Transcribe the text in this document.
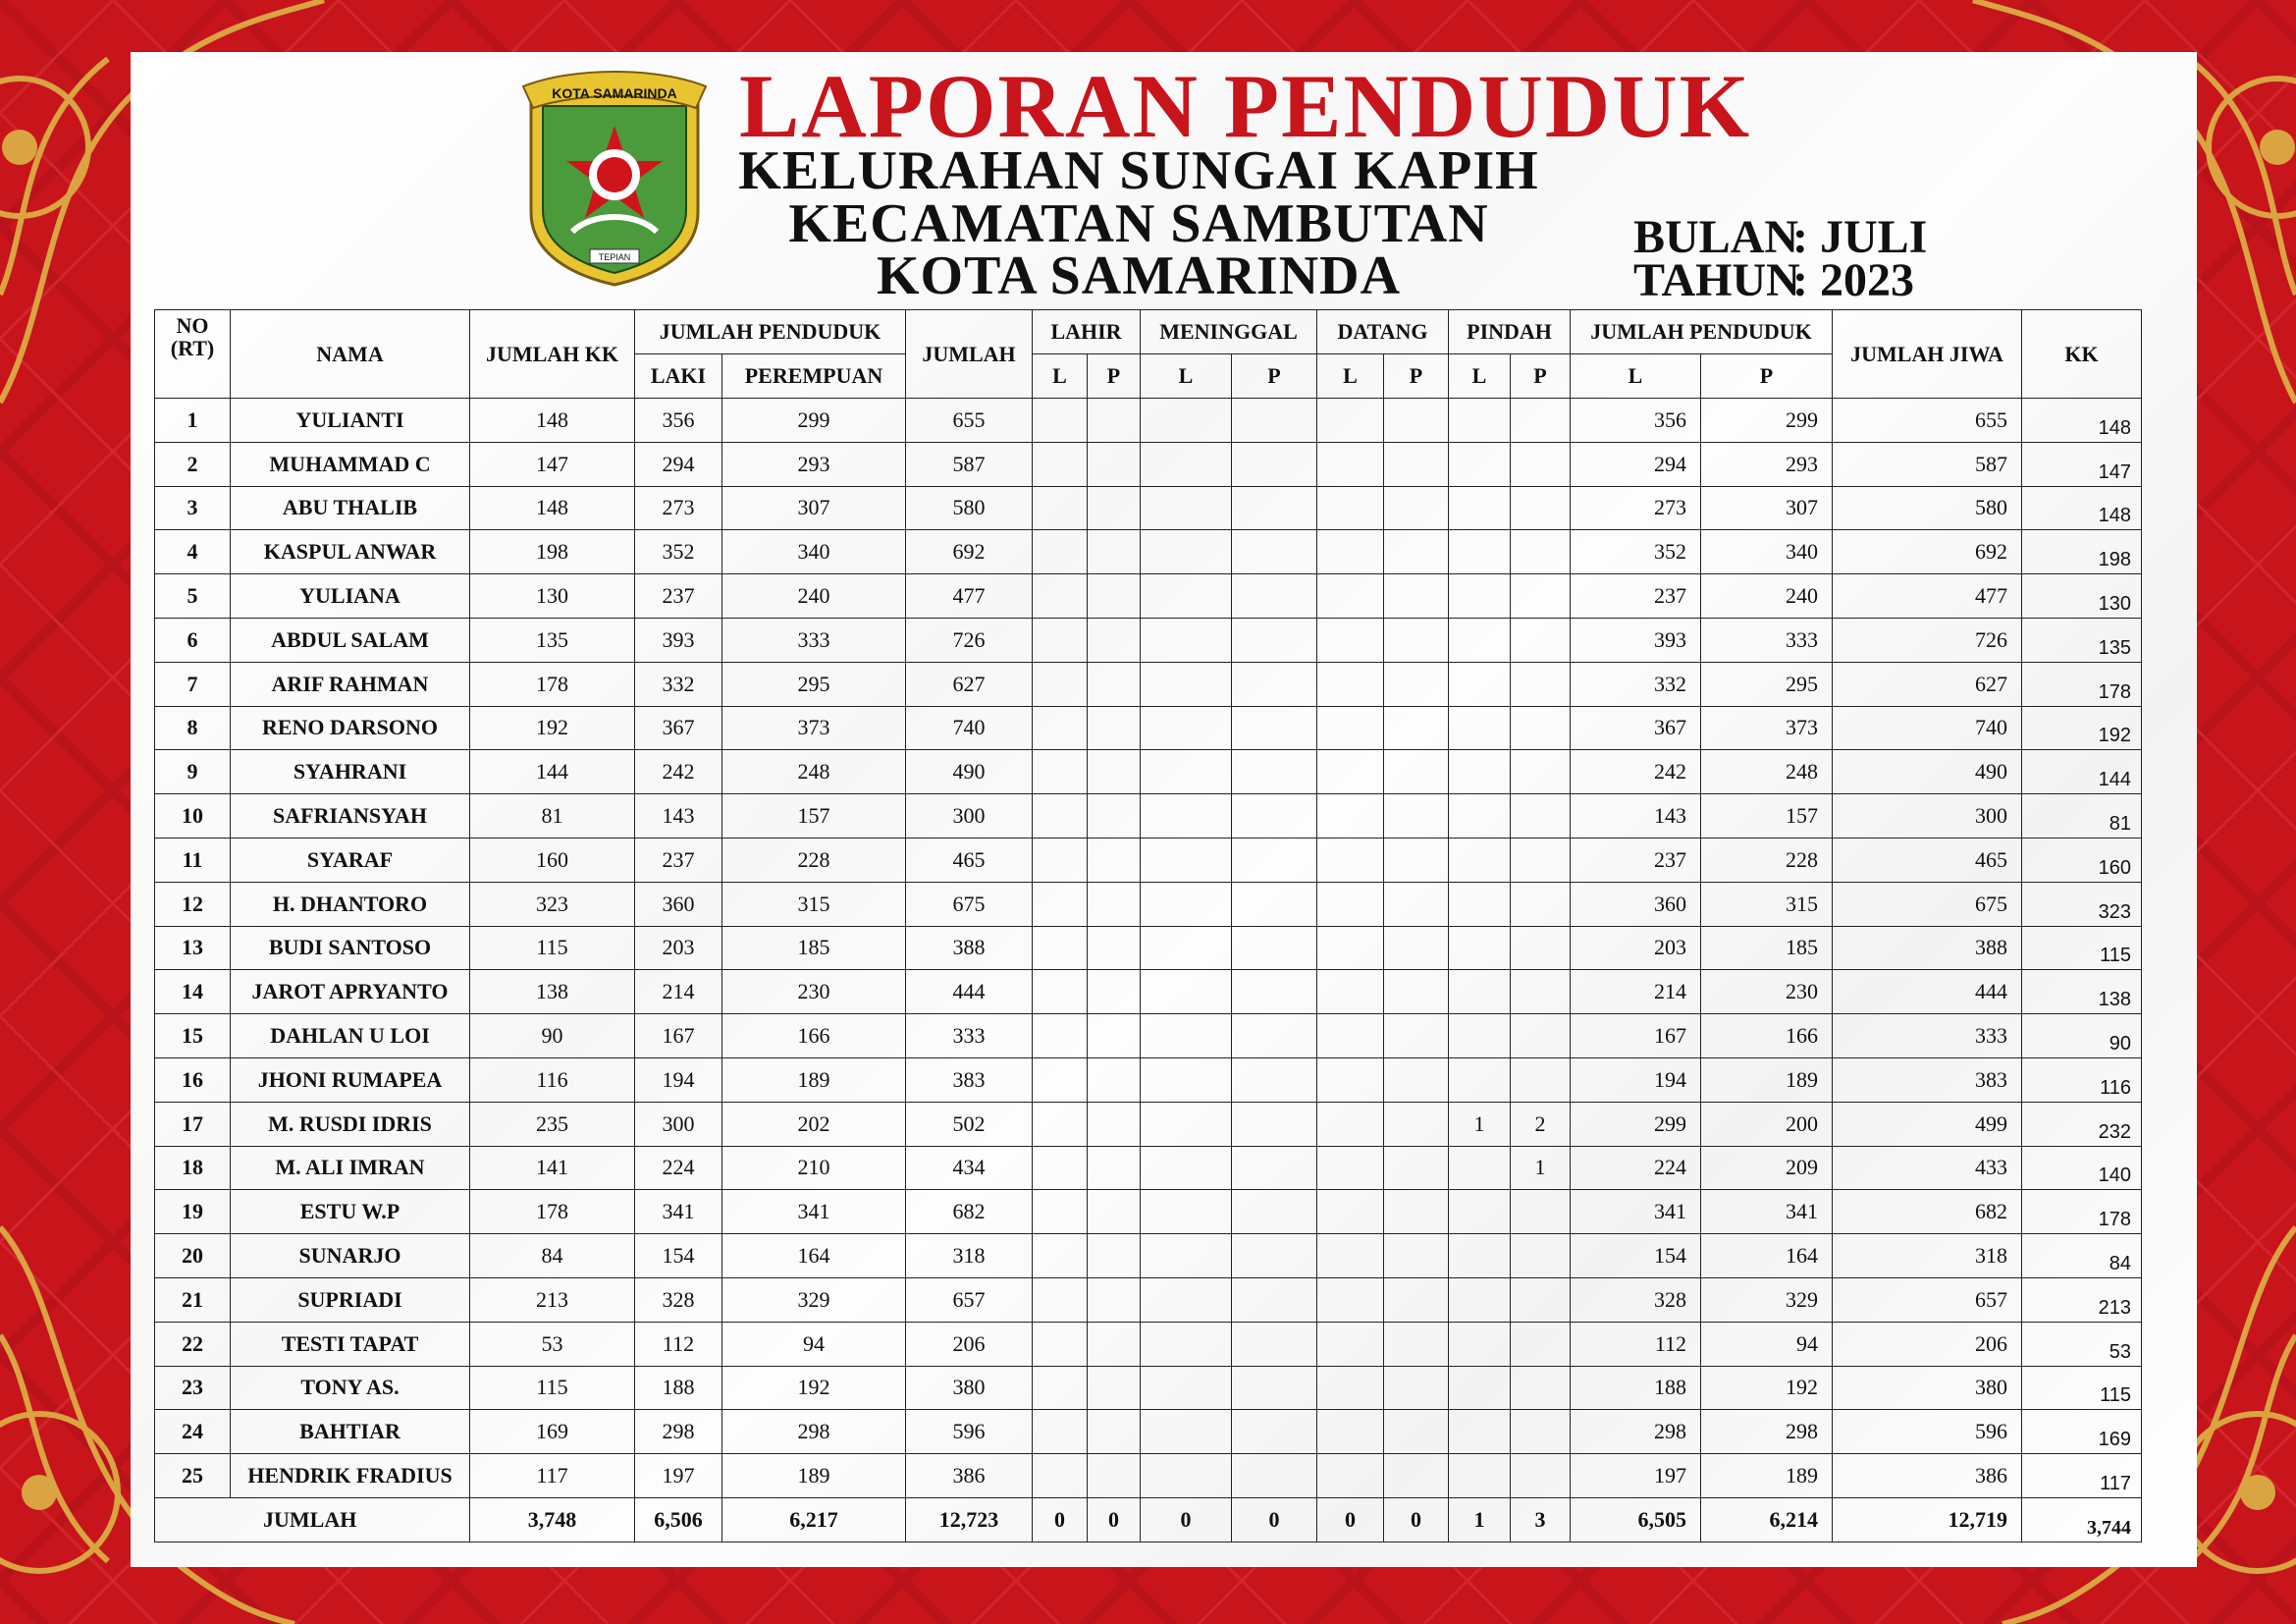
KOTA SAMARINDA
TEPIAN
LAPORAN PENDUDUK
KELURAHAN SUNGAI KAPIH
KECAMATAN SAMBUTAN
KOTA SAMARINDA
BULAN: JULI
TAHUN: 2023
NO (RT)	NAMA	JUMLAH KK	JUMLAH PENDUDUK		JUMLAH	LAHIR		MENINGGAL		DATANG		PINDAH		JUMLAH PENDUDUK		JUMLAH JIWA	KK
			LAKI	PEREMPUAN		L	P	L	P	L	P	L	P	L	P		
1	YULIANTI	148	356	299	655									356	299	655	148
2	MUHAMMAD C	147	294	293	587									294	293	587	147
3	ABU THALIB	148	273	307	580									273	307	580	148
4	KASPUL ANWAR	198	352	340	692									352	340	692	198
5	YULIANA	130	237	240	477									237	240	477	130
6	ABDUL SALAM	135	393	333	726									393	333	726	135
7	ARIF RAHMAN	178	332	295	627									332	295	627	178
8	RENO DARSONO	192	367	373	740									367	373	740	192
9	SYAHRANI	144	242	248	490									242	248	490	144
10	SAFRIANSYAH	81	143	157	300									143	157	300	81
11	SYARAF	160	237	228	465									237	228	465	160
12	H. DHANTORO	323	360	315	675									360	315	675	323
13	BUDI SANTOSO	115	203	185	388									203	185	388	115
14	JAROT APRYANTO	138	214	230	444									214	230	444	138
15	DAHLAN U LOI	90	167	166	333									167	166	333	90
16	JHONI RUMAPEA	116	194	189	383									194	189	383	116
17	M. RUSDI IDRIS	235	300	202	502							1	2	299	200	499	232
18	M. ALI IMRAN	141	224	210	434								1	224	209	433	140
19	ESTU W.P	178	341	341	682									341	341	682	178
20	SUNARJO	84	154	164	318									154	164	318	84
21	SUPRIADI	213	328	329	657									328	329	657	213
22	TESTI TAPAT	53	112	94	206									112	94	206	53
23	TONY AS.	115	188	192	380									188	192	380	115
24	BAHTIAR	169	298	298	596									298	298	596	169
25	HENDRIK FRADIUS	117	197	189	386									197	189	386	117
JUMLAH		3,748	6,506	6,217	12,723	0	0	0	0	0	0	1	3	6,505	6,214	12,719	3,744
